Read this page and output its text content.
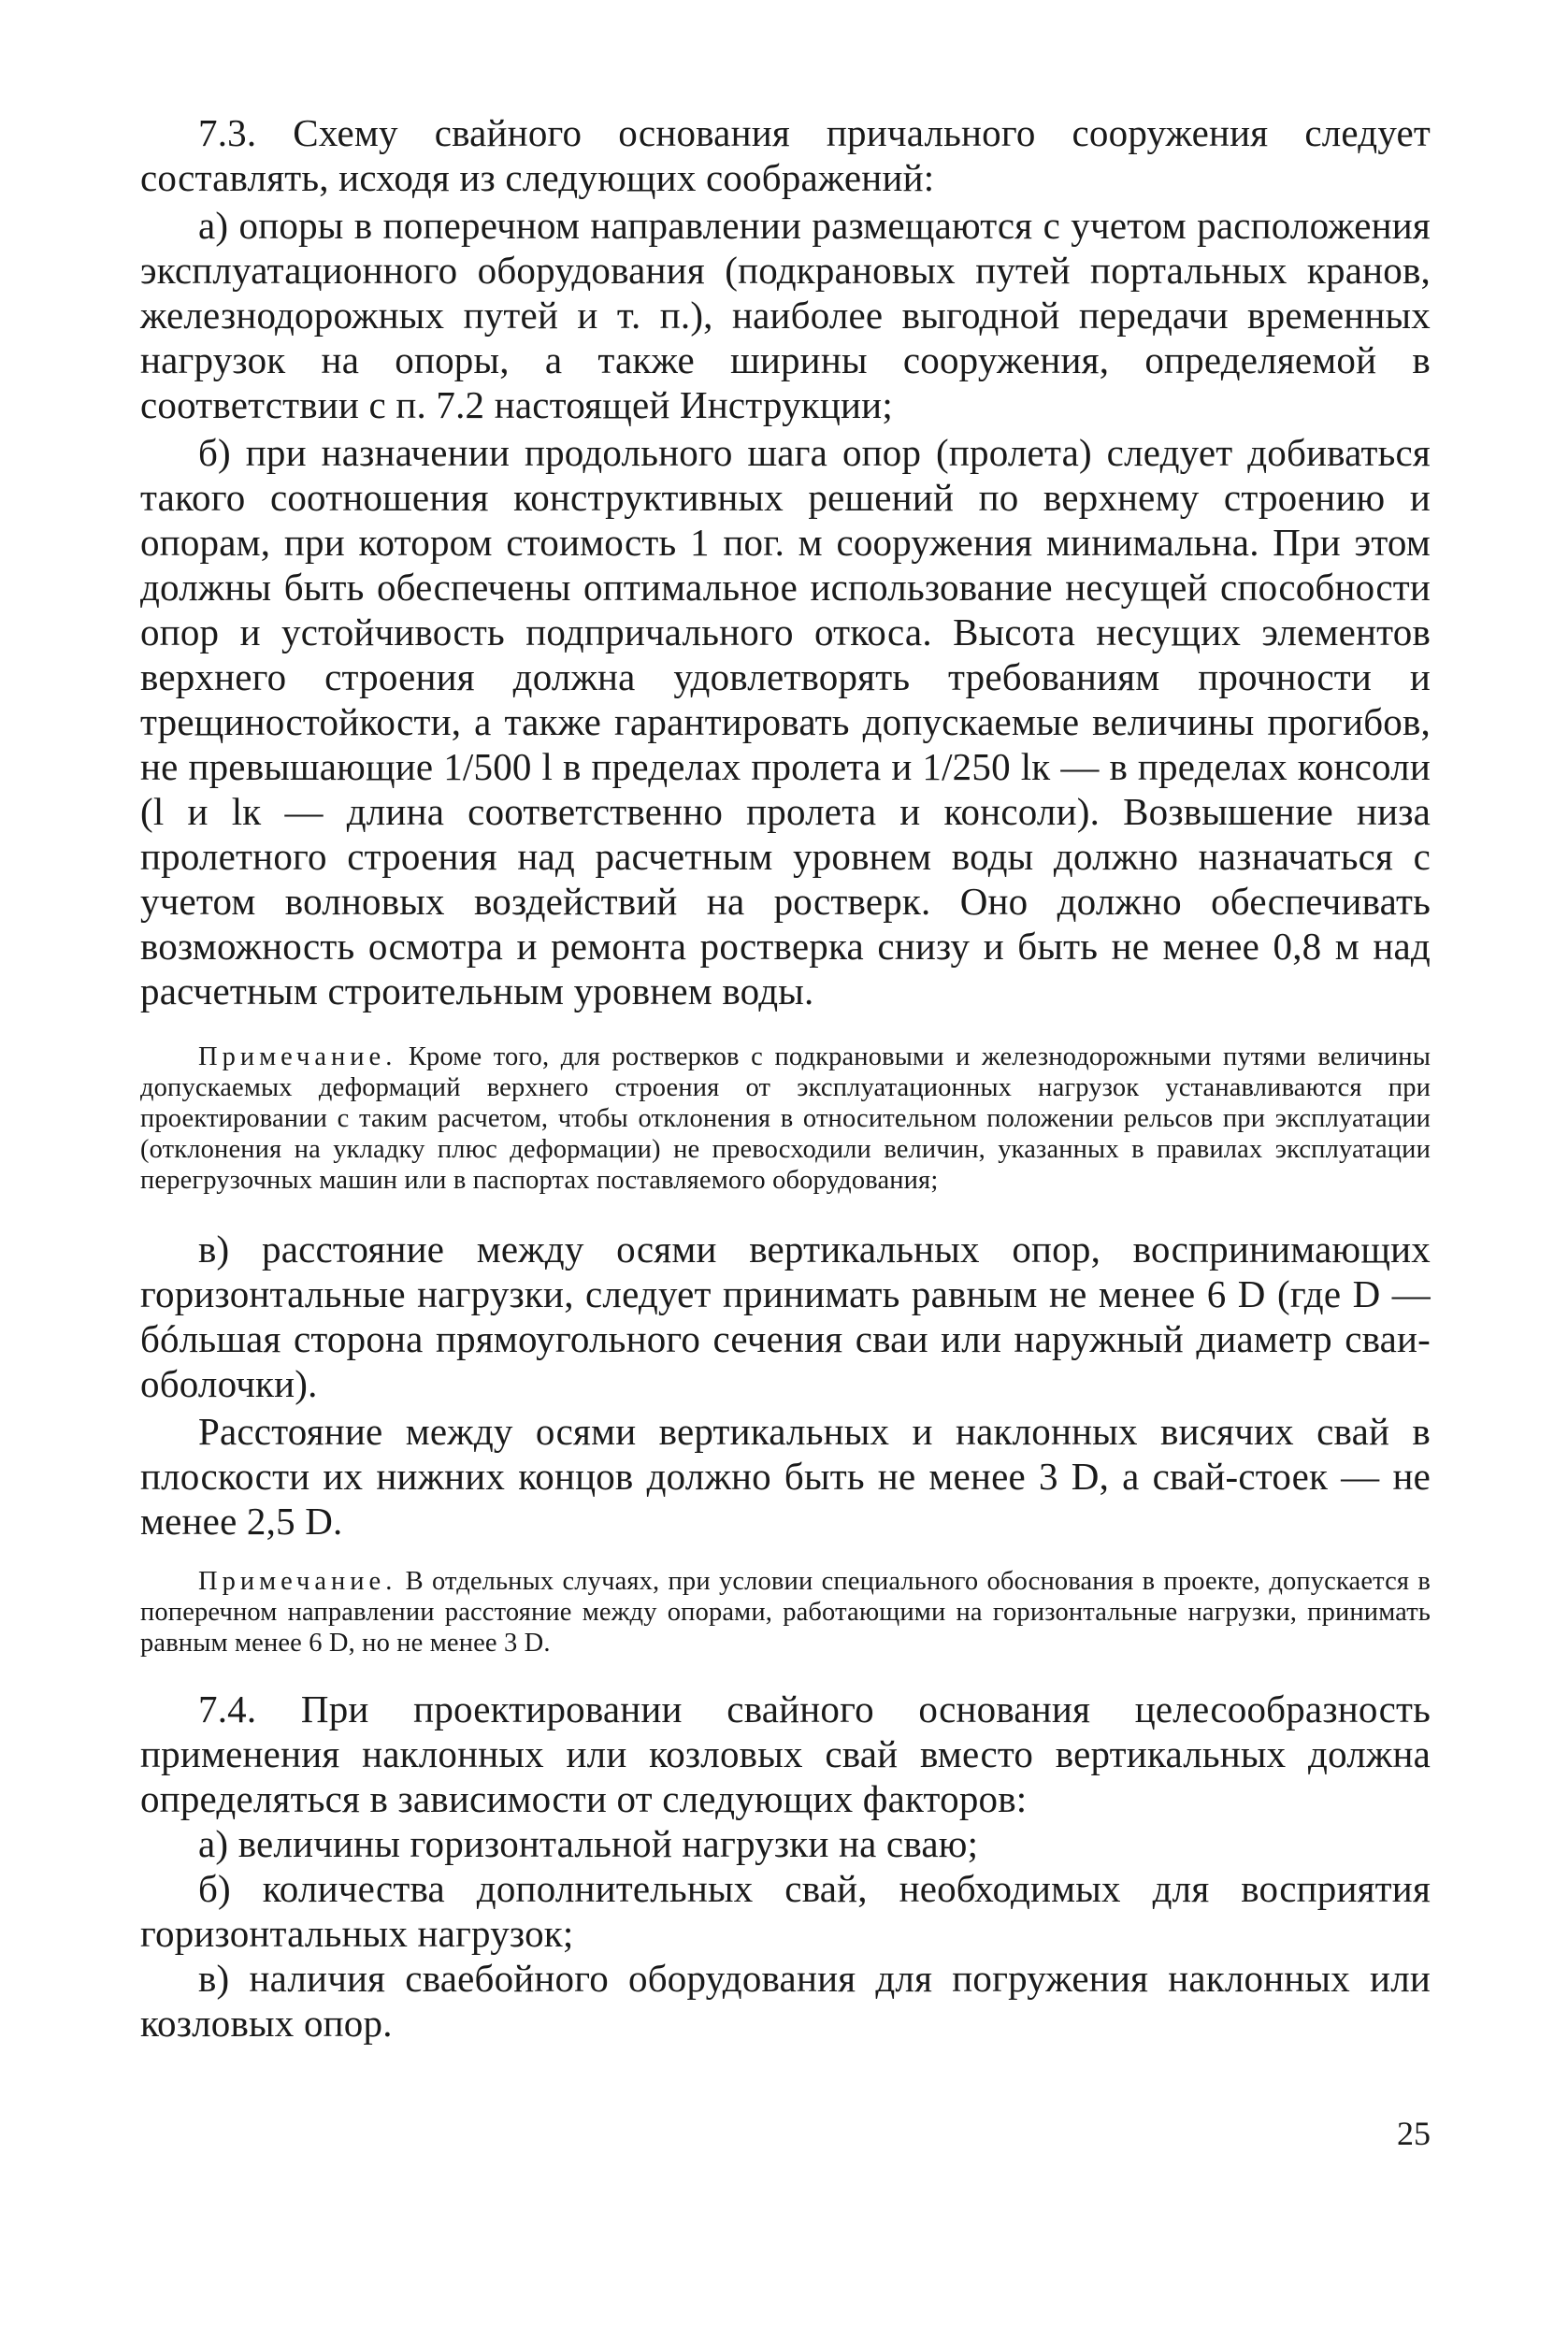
7.3. Схему свайного основания причального сооружения следует составлять, исходя из следующих соображений:

а) опоры в поперечном направлении размещаются с учетом расположения эксплуатационного оборудования (подкрановых путей портальных кранов, железнодорожных путей и т. п.), наиболее выгодной передачи временных нагрузок на опоры, а также ширины сооружения, определяемой в соответствии с п. 7.2 настоящей Инструкции;

б) при назначении продольного шага опор (пролета) следует добиваться такого соотношения конструктивных решений по верхнему строению и опорам, при котором стоимость 1 пог. м сооружения минимальна. При этом должны быть обеспечены оптимальное использование несущей способности опор и устойчивость подпричального откоса. Высота несущих элементов верхнего строения должна удовлетворять требованиям прочности и трещиностойкости, а также гарантировать допускаемые величины прогибов, не превышающие 1/500 l в пределах пролета и 1/250 lк — в пределах консоли (l и lк — длина соответственно пролета и консоли). Возвышение низа пролетного строения над расчетным уровнем воды должно назначаться с учетом волновых воздействий на ростверк. Оно должно обеспечивать возможность осмотра и ремонта ростверка снизу и быть не менее 0,8 м над расчетным строительным уровнем воды.

Примечание. Кроме того, для ростверков с подкрановыми и железнодорожными путями величины допускаемых деформаций верхнего строения от эксплуатационных нагрузок устанавливаются при проектировании с таким расчетом, чтобы отклонения в относительном положении рельсов при эксплуатации (отклонения на укладку плюс деформации) не превосходили величин, указанных в правилах эксплуатации перегрузочных машин или в паспортах поставляемого оборудования;

в) расстояние между осями вертикальных опор, воспринимающих горизонтальные нагрузки, следует принимать равным не менее 6 D (где D — бóльшая сторона прямоугольного сечения сваи или наружный диаметр сваи-оболочки).

Расстояние между осями вертикальных и наклонных висячих свай в плоскости их нижних концов должно быть не менее 3 D, а свай-стоек — не менее 2,5 D.

Примечание. В отдельных случаях, при условии специального обоснования в проекте, допускается в поперечном направлении расстояние между опорами, работающими на горизонтальные нагрузки, принимать равным менее 6 D, но не менее 3 D.

7.4. При проектировании свайного основания целесообразность применения наклонных или козловых свай вместо вертикальных должна определяться в зависимости от следующих факторов:

а) величины горизонтальной нагрузки на сваю;

б) количества дополнительных свай, необходимых для восприятия горизонтальных нагрузок;

в) наличия сваебойного оборудования для погружения наклонных или козловых опор.

25
